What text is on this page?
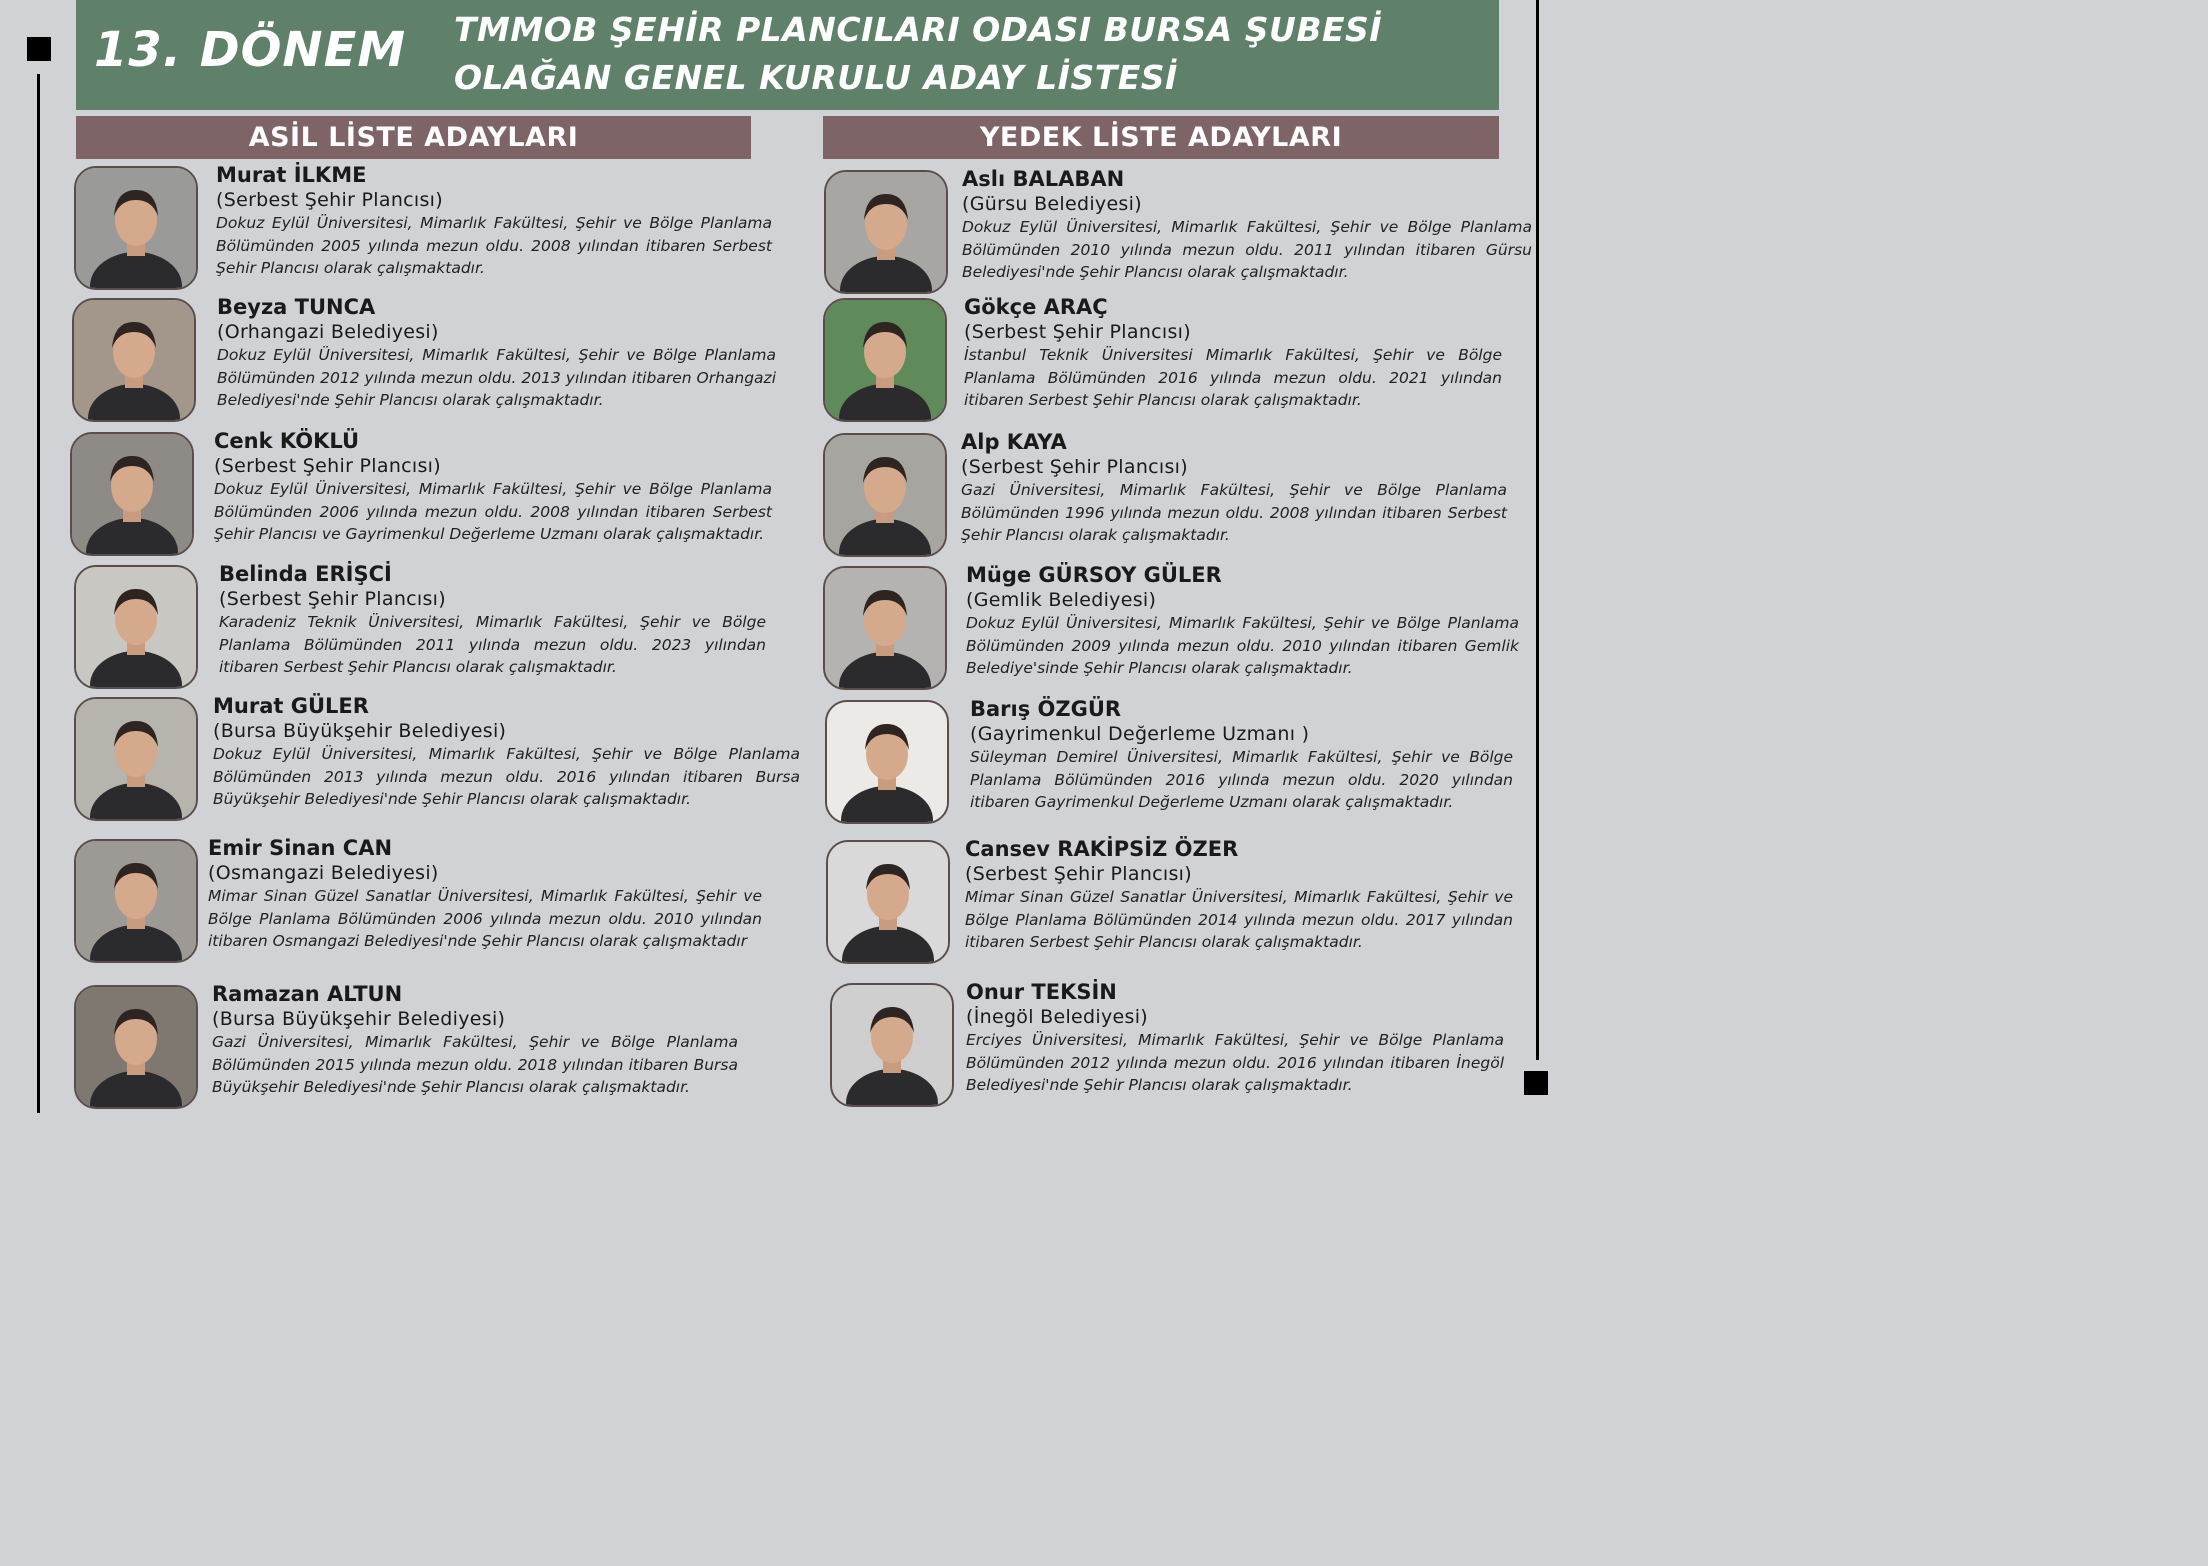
13. DÖNEM TMMOB ŞEHİR PLANCILARI ODASI BURSA ŞUBESİ
OLAĞAN GENEL KURULU ADAY LİSTESİ
ASİL LİSTE ADAYLARI	YEDEK LİSTE ADAYLARI
Murat İLKME
(Serbest Şehir Plancısı)
Dokuz Eylül Üniversitesi, Mimarlık Fakültesi, Şehir ve Bölge Planlama Bölümünden 2005 yılında mezun oldu. 2008 yılından itibaren Serbest Şehir Plancısı olarak çalışmaktadır.
Beyza TUNCA
(Orhangazi Belediyesi)
Dokuz Eylül Üniversitesi, Mimarlık Fakültesi, Şehir ve Bölge Planlama Bölümünden 2012 yılında mezun oldu. 2013 yılından itibaren Orhangazi Belediyesi'nde Şehir Plancısı olarak çalışmaktadır.
Cenk KÖKLÜ
(Serbest Şehir Plancısı)
Dokuz Eylül Üniversitesi, Mimarlık Fakültesi, Şehir ve Bölge Planlama Bölümünden 2006 yılında mezun oldu. 2008 yılından itibaren Serbest Şehir Plancısı ve Gayrimenkul Değerleme Uzmanı olarak çalışmaktadır.
Belinda ERİŞCİ
(Serbest Şehir Plancısı)
Karadeniz Teknik Üniversitesi, Mimarlık Fakültesi, Şehir ve Bölge Planlama Bölümünden 2011 yılında mezun oldu. 2023 yılından itibaren Serbest Şehir Plancısı olarak çalışmaktadır.
Murat GÜLER
(Bursa Büyükşehir Belediyesi)
Dokuz Eylül Üniversitesi, Mimarlık Fakültesi, Şehir ve Bölge Planlama Bölümünden 2013 yılında mezun oldu. 2016 yılından itibaren Bursa Büyükşehir Belediyesi'nde Şehir Plancısı olarak çalışmaktadır.
Emir Sinan CAN
(Osmangazi Belediyesi)
Mimar Sinan Güzel Sanatlar Üniversitesi, Mimarlık Fakültesi, Şehir ve Bölge Planlama Bölümünden 2006 yılında mezun oldu. 2010 yılından itibaren Osmangazi Belediyesi'nde Şehir Plancısı olarak çalışmaktadır
Ramazan ALTUN
(Bursa Büyükşehir Belediyesi)
Gazi Üniversitesi, Mimarlık Fakültesi, Şehir ve Bölge Planlama Bölümünden 2015 yılında mezun oldu. 2018 yılından itibaren Bursa Büyükşehir Belediyesi'nde Şehir Plancısı olarak çalışmaktadır.
Aslı BALABAN
(Gürsu Belediyesi)
Dokuz Eylül Üniversitesi, Mimarlık Fakültesi, Şehir ve Bölge Planlama Bölümünden 2010 yılında mezun oldu. 2011 yılından itibaren Gürsu Belediyesi'nde Şehir Plancısı olarak çalışmaktadır.
Gökçe ARAÇ
(Serbest Şehir Plancısı)
İstanbul Teknik Üniversitesi Mimarlık Fakültesi, Şehir ve Bölge Planlama Bölümünden 2016 yılında mezun oldu. 2021 yılından itibaren Serbest Şehir Plancısı olarak çalışmaktadır.
Alp KAYA
(Serbest Şehir Plancısı)
Gazi Üniversitesi, Mimarlık Fakültesi, Şehir ve Bölge Planlama Bölümünden 1996 yılında mezun oldu. 2008 yılından itibaren Serbest Şehir Plancısı olarak çalışmaktadır.
Müge GÜRSOY GÜLER
(Gemlik Belediyesi)
Dokuz Eylül Üniversitesi, Mimarlık Fakültesi, Şehir ve Bölge Planlama Bölümünden 2009 yılında mezun oldu. 2010 yılından itibaren Gemlik Belediye'sinde Şehir Plancısı olarak çalışmaktadır.
Barış ÖZGÜR
(Gayrimenkul Değerleme Uzmanı )
Süleyman Demirel Üniversitesi, Mimarlık Fakültesi, Şehir ve Bölge Planlama Bölümünden 2016 yılında mezun oldu. 2020 yılından itibaren Gayrimenkul Değerleme Uzmanı olarak çalışmaktadır.
Cansev RAKİPSİZ ÖZER
(Serbest Şehir Plancısı)
Mimar Sinan Güzel Sanatlar Üniversitesi, Mimarlık Fakültesi, Şehir ve Bölge Planlama Bölümünden 2014 yılında mezun oldu. 2017 yılından itibaren Serbest Şehir Plancısı olarak çalışmaktadır.
Onur TEKSİN
(İnegöl Belediyesi)
Erciyes Üniversitesi, Mimarlık Fakültesi, Şehir ve Bölge Planlama Bölümünden 2012 yılında mezun oldu. 2016 yılından itibaren İnegöl Belediyesi'nde Şehir Plancısı olarak çalışmaktadır.
